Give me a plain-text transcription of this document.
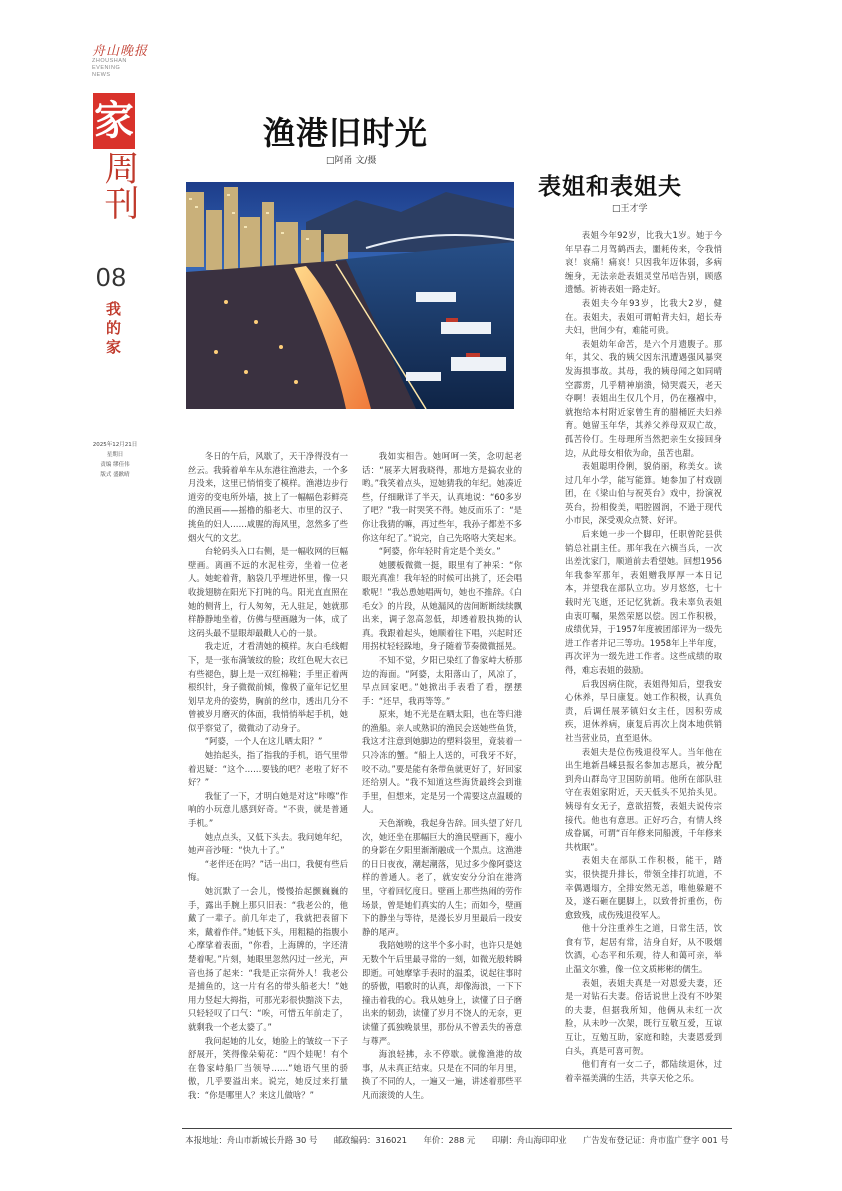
舟山晚报
ZHOUSHAN EVENING NEWS
家
周刊
08
我的家
2025年12月21日
星期日
责编 缪佳伟
版式 盛歉晴
渔港旧时光
□阿甬 文/摄

冬日的午后，风歇了，天干净得没有一丝云。我骑着单车从东港往渔港去，一个多月没来，这里已悄悄变了模样。渔港边步行道旁的变电所外墙，披上了一幅幅色彩鲜亮的渔民画——摇橹的船老大、市里的汉子、挑鱼的妇人……咸腥的海风里，忽然多了些烟火气的文艺。

台轮码头入口右侧，是一幅收网的巨幅壁画。离画不远的水泥柱旁，坐着一位老人。她蛇着背，脑袋几乎埋进怀里，像一只收拢翅膀在阳光下打盹的鸟。阳光直直照在她的侧背上，行人匆匆，无人驻足，她就那样静静地坐着，仿佛与壁画融为一体，成了这码头最不显眼却最戳人心的一景。

我走近，才看清她的模样。灰白毛线帽下，是一张布满皱纹的脸；玫红色呢大衣已有些褪色，脚上是一双红棉鞋；手里正着两根织针，身子微微前倾，像极了童年记忆里划早龙舟的姿势，胸前的丝巾，透出几分不曾被岁月磨灭的体面，我悄悄举起手机，她似乎察觉了，微微动了动身子。

“阿婆，一个人在这儿晒太阳？”

她抬起头，指了指我的手机，语气里带着迟疑：“这个……要钱的吧？老啦了好不好？”

我怔了一下，才明白她是对这“咔嚓”作响的小玩意儿感到好奇。“不贵，就是普通手机。”

她点点头，又低下头去。我问她年纪，她声音沙哑：“快九十了。”

“老伴还在吗？”话一出口，我便有些后悔。

她沉默了一会儿，慢慢抬起颤巍巍的手，露出手腕上那只旧表：“我老公的，他戴了一辈子。前几年走了，我就把表留下来，戴着作伴。”她低下头，用粗糙的指腹小心摩挲着表面，“你看，上海牌的，字还清楚着呢。”片刻，她眼里忽然闪过一丝光，声音也扬了起来：“我是正宗荷外人！我老公是捕鱼的，这一片有名的带头船老大！”她用力竖起大拇指，可那光彩很快黯淡下去，只轻轻叹了口气：“唉，可惜五年前走了，就剩我一个老太婆了。”

我问起她的儿女，她脸上的皱纹一下子舒展开，笑得像朵菊花：“四个娃呢！有个在鲁家峙船厂当领导……”她语气里的骄傲，几乎要溢出来。说完，她反过来打量我：“你是哪里人？来这儿做啥？”

我如实相告。她呵呵一笑，念叨起老话：“展茅大屑我晓得，那地方是搞农业的哟。”我笑着点头，逗她猜我的年纪。她凑近些，仔细瞅详了半天，认真地说：“60多岁了吧？”我一时哭笑不得。她反而乐了：“是你让我猜的嘛，再过些年，我孙子都差不多你这年纪了。”说完，自己先咯咯大笑起来。

“阿婆，你年轻时肯定是个美女。”

她腰板微微一挺，眼里有了神采：“你眼光真准！我年轻的时候可出挑了，还会唱歌呢！”我怂恿她唱两句，她也不推辞。《白毛女》的片段，从她漏风的齿间断断续续飘出来，调子忽高忽低，却透着股执拗的认真。我跟着起头，她顺着往下唱，兴起时还用拐杖轻轻跺地，身子随着节奏微微摇晃。

不知不觉，夕阳已染红了鲁家峙大桥那边的海面。“阿婆，太阳落山了，风凉了，早点回家吧。”她掀出手表看了看，摆摆手：“还早，我再等等。”

原来，她不光是在晒太阳，也在等归港的渔船。亲人或熟识的渔民会送她些鱼货，我这才注意到她脚边的塑料袋里，竟装着一只冷冻的蟹。“船上人送的，可我牙不好，咬不动。”要是能有条带鱼就更好了，好回家还给别人。“我不知道这些海货最终会到谁手里，但想来，定是另一个需要这点温暖的人。

天色渐晚，我起身告辞。回头望了好几次，她还坐在那幅巨大的渔民壁画下，瘦小的身影在夕阳里渐渐融成一个黑点。这渔港的日日夜夜，潮起潮落，见过多少像阿婆这样的普通人。老了，就安安分分泊在港湾里，守着回忆度日。壁画上那些热闹的劳作场景，曾是她们真实的人生；而如今，壁画下的静坐与等待，是漫长岁月里最后一段安静的尾声。

我陪她唠的这半个多小时，也许只是她无数个午后里最寻常的一刻，如微光般转瞬即逝。可她摩挲手表时的温柔，说起往事时的骄傲，唱歌时的认真，却像海浪，一下下撞击着我的心。我从她身上，读懂了日子磨出来的韧劲，读懂了岁月不饶人的无奈，更读懂了孤独晚景里，那份从不曾丢失的善意与尊严。

海浪轻拂，永不停歇。就像渔港的故事，从未真正结束。只是在不同的年月里，换了不同的人，一遍又一遍，讲述着那些平凡而滚烫的人生。

表姐和表姐夫
□王才学

表姐今年92岁，比我大1岁。她于今年早春二月驾鹤西去，噩耗传来，令我悄哀！哀痛！痛哀！只因我年迈体弱，多病缠身，无法亲赴表姐灵堂吊唁告别，顾感遗憾。祈祷表姐一路走好。

表姐夫今年93岁，比我大2岁，健在。表姐夫，表姐可谓帕背夫妇，超长寿夫妇，世间少有，难能可贵。

表姐幼年命苦，是六个月遗腹子。那年，其父、我的姨父因东汛遭遇强风暴突发海损事故。其母，我的姨母闻之如同晴空霹雳，几乎精神崩溃，恸哭震天，老天夺啊！表姐出生仅几个月，仍在襁褓中，就抱给本村附近家曾生育的腊桶匠夫妇养育。她留玉年华，其养父养母双双亡故，孤苦伶仃。生母理所当然把亲生女接回身边，从此母女相依为命，虽苦也甜。

表姐聪明伶俐，貌俏丽，称美女。读过几年小学，能写能算。她参加了村戏剧团，在《梁山伯与祝英台》戏中，扮演祝英台，扮相俊美，唱腔圆润，不逊于现代小市民，深受观众点赞、好评。

后来她一步一个脚印，任职曾陀县供销总社副主任。那年我在六横当兵，一次出差沈家门，顺道前去看望她。回想1956年我参军那年，表姐赠我厚厚一本日记本，并望我在部队立功。岁月悠悠，七十载时光飞逝，还记忆犹新。我未辜负表姐由衷叮嘱，果然荣愿以偿。因工作积极，成绩优异，于1957年度被团部评为一级先进工作者并记三等功。1958年上半年度，再次评为一级先进工作者。这些成绩的取得，难忘表姐的鼓励。

后我因病住院，表姐得知后，望我安心休养，早日康复。她工作积极，认真负责，后调任展茅镇妇女主任，因积劳成疾，退休养病，康复后再次上岗本地供销社当营业员，直至退休。

表姐夫是位伤残退役军人。当年他在出生地新昌嵊县报名参加志愿兵，被分配到舟山群岛守卫国防前哨。他所在部队驻守在表姐家附近，天天低头不见抬头见。姨母有女无子，意欲招赘，表姐夫说传宗接代。他也有意思。正好巧合，有情人终成眷属，可谓“百年修来同船渡，千年修来共枕眠”。

表姐夫在部队工作积极，能干，踏实，很快提升排长，带领全排打坑道，不幸偶遇塌方，全排安然无恙，唯他躲避不及，遂石砸在腿脚上，以致骨折重伤，伤愈致残，成伤残退役军人。

他十分注重养生之道，日常生活，饮食有节，起居有常，洁身自好，从不吸烟饮酒，心态平和乐观，待人和蔼可亲，举止温文尔雅，像一位文质彬彬的儒生。

表姐，表姐夫真是一对恩爱夫妻，还是一对钻石夫妻。俗话说世上没有不吵架的夫妻，但据我所知，他俩从未红一次脸，从未吵一次架，既行互敬互爱，互谅互让，互勉互助，家庭和睦，夫妻恩爱到白头，真是可喜可贺。

他们育有一女二子，都陆续退休，过着幸福美满的生活，共享天伦之乐。

本报地址：舟山市新城长升路 30 号　　邮政编码：316021　　年价：288 元　　印刷：舟山海印印业　　广告发布登记证：舟市监广登字 001 号
